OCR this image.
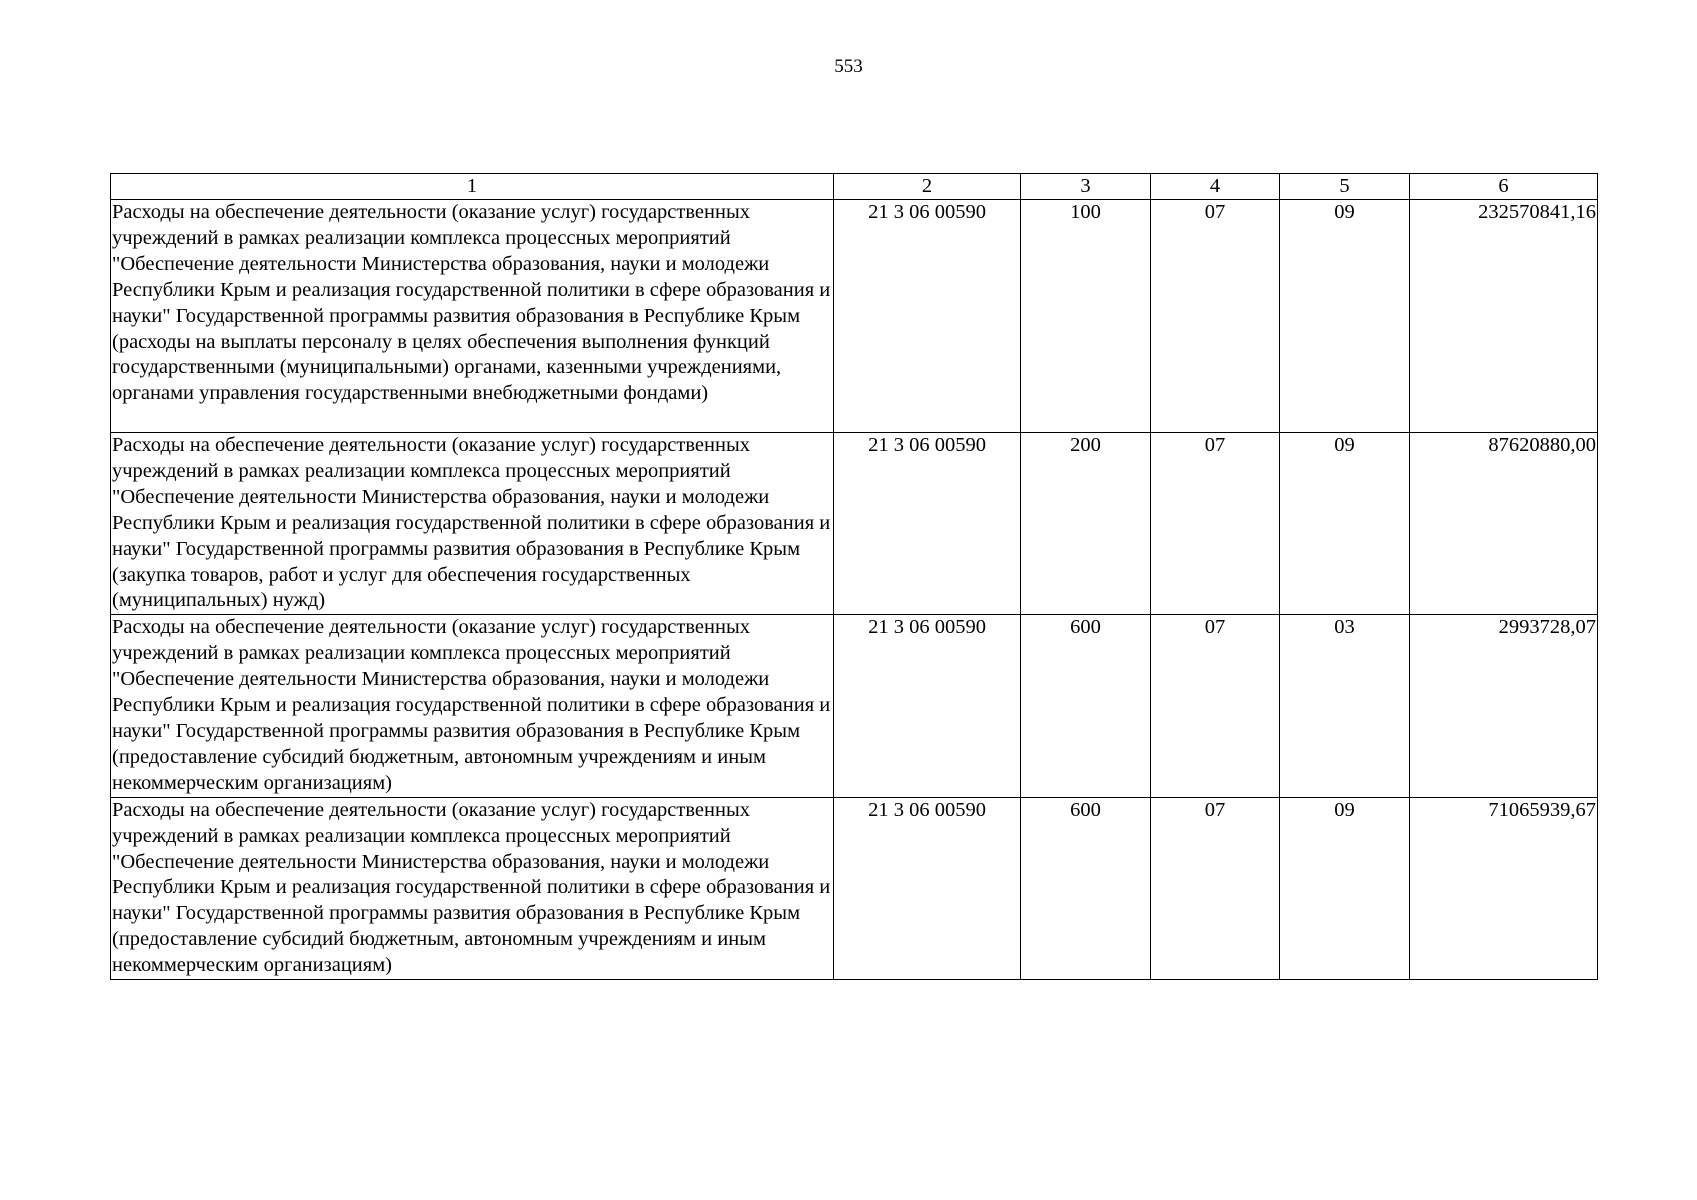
553
1	2	3	4	5	6
Расходы на обеспечение деятельности (оказание услуг) государственных учреждений в рамках реализации комплекса процессных мероприятий "Обеспечение деятельности Министерства образования, науки и молодежи Республики Крым и реализация государственной политики в сфере образования и науки" Государственной программы развития образования в Республике Крым (расходы на выплаты персоналу в целях обеспечения выполнения функций государственными (муниципальными) органами, казенными учреждениями, органами управления государственными внебюджетными фондами)	21 3 06 00590	100	07	09	232570841,16
Расходы на обеспечение деятельности (оказание услуг) государственных учреждений в рамках реализации комплекса процессных мероприятий "Обеспечение деятельности Министерства образования, науки и молодежи Республики Крым и реализация государственной политики в сфере образования и науки" Государственной программы развития образования в Республике Крым (закупка товаров, работ и услуг для обеспечения государственных (муниципальных) нужд)	21 3 06 00590	200	07	09	87620880,00
Расходы на обеспечение деятельности (оказание услуг) государственных учреждений в рамках реализации комплекса процессных мероприятий "Обеспечение деятельности Министерства образования, науки и молодежи Республики Крым и реализация государственной политики в сфере образования и науки" Государственной программы развития образования в Республике Крым (предоставление субсидий бюджетным, автономным учреждениям и иным некоммерческим организациям)	21 3 06 00590	600	07	03	2993728,07
Расходы на обеспечение деятельности (оказание услуг) государственных учреждений в рамках реализации комплекса процессных мероприятий "Обеспечение деятельности Министерства образования, науки и молодежи Республики Крым и реализация государственной политики в сфере образования и науки" Государственной программы развития образования в Республике Крым (предоставление субсидий бюджетным, автономным учреждениям и иным некоммерческим организациям)	21 3 06 00590	600	07	09	71065939,67
